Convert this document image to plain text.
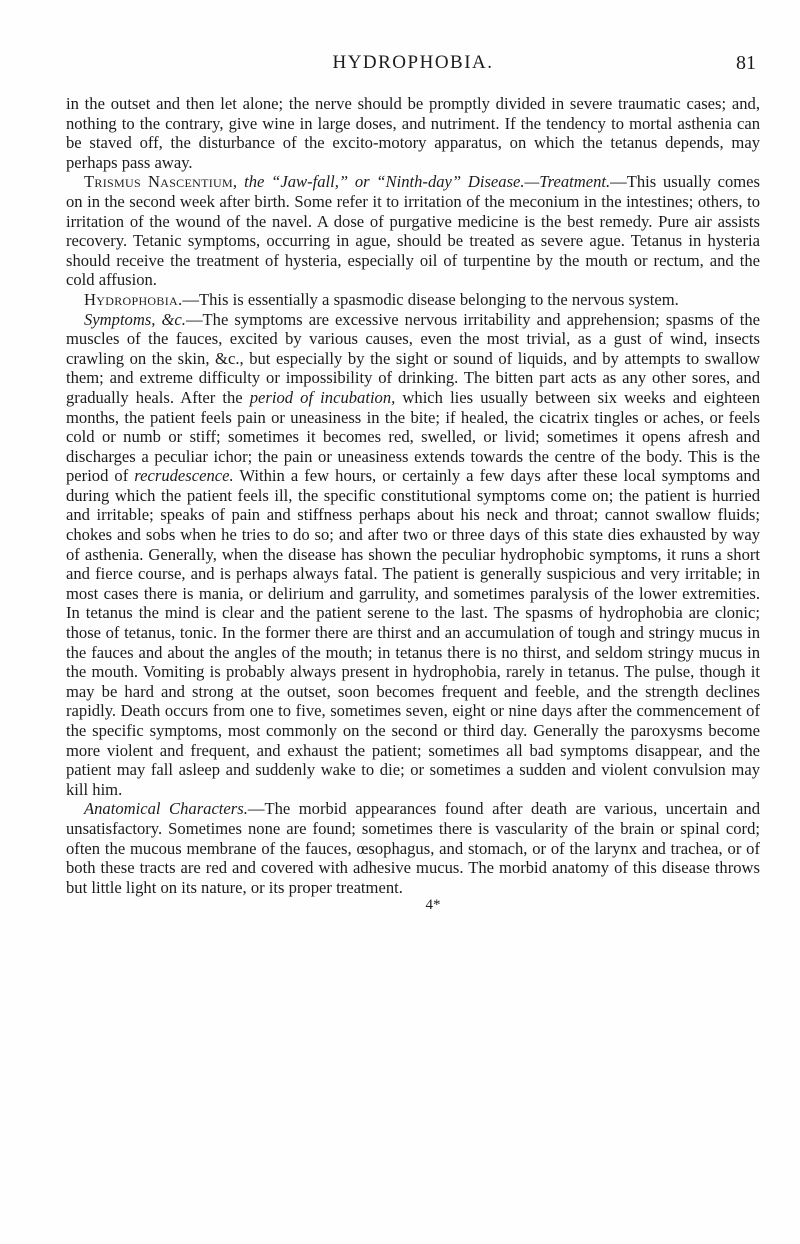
HYDROPHOBIA.	81

in the outset and then let alone; the nerve should be promptly divided in severe traumatic cases; and, nothing to the contrary, give wine in large doses, and nutriment. If the tendency to mortal asthenia can be staved off, the disturbance of the excito-motory apparatus, on which the tetanus depends, may perhaps pass away.

Trismus Nascentium, the “Jaw-fall,” or “Ninth-day” Disease.—Treatment.—This usually comes on in the second week after birth. Some refer it to irritation of the meconium in the intestines; others, to irritation of the wound of the navel. A dose of purgative medicine is the best remedy. Pure air assists recovery. Tetanic symptoms, occurring in ague, should be treated as severe ague. Tetanus in hysteria should receive the treatment of hysteria, especially oil of turpentine by the mouth or rectum, and the cold affusion.

Hydrophobia.—This is essentially a spasmodic disease belonging to the nervous system.

Symptoms, &c.—The symptoms are excessive nervous irritability and apprehension; spasms of the muscles of the fauces, excited by various causes, even the most trivial, as a gust of wind, insects crawling on the skin, &c., but especially by the sight or sound of liquids, and by attempts to swallow them; and extreme difficulty or impossibility of drinking. The bitten part acts as any other sores, and gradually heals. After the period of incubation, which lies usually between six weeks and eighteen months, the patient feels pain or uneasiness in the bite; if healed, the cicatrix tingles or aches, or feels cold or numb or stiff; sometimes it becomes red, swelled, or livid; sometimes it opens afresh and discharges a peculiar ichor; the pain or uneasiness extends towards the centre of the body. This is the period of recrudescence. Within a few hours, or certainly a few days after these local symptoms and during which the patient feels ill, the specific constitutional symptoms come on; the patient is hurried and irritable; speaks of pain and stiffness perhaps about his neck and throat; cannot swallow fluids; chokes and sobs when he tries to do so; and after two or three days of this state dies exhausted by way of asthenia. Generally, when the disease has shown the peculiar hydrophobic symptoms, it runs a short and fierce course, and is perhaps always fatal. The patient is generally suspicious and very irritable; in most cases there is mania, or delirium and garrulity, and sometimes paralysis of the lower extremities. In tetanus the mind is clear and the patient serene to the last. The spasms of hydrophobia are clonic; those of tetanus, tonic. In the former there are thirst and an accumulation of tough and stringy mucus in the fauces and about the angles of the mouth; in tetanus there is no thirst, and seldom stringy mucus in the mouth. Vomiting is probably always present in hydrophobia, rarely in tetanus. The pulse, though it may be hard and strong at the outset, soon becomes frequent and feeble, and the strength declines rapidly. Death occurs from one to five, sometimes seven, eight or nine days after the commencement of the specific symptoms, most commonly on the second or third day. Generally the paroxysms become more violent and frequent, and exhaust the patient; sometimes all bad symptoms disappear, and the patient may fall asleep and suddenly wake to die; or sometimes a sudden and violent convulsion may kill him.

Anatomical Characters.—The morbid appearances found after death are various, uncertain and unsatisfactory. Sometimes none are found; sometimes there is vascularity of the brain or spinal cord; often the mucous membrane of the fauces, œsophagus, and stomach, or of the larynx and trachea, or of both these tracts are red and covered with adhesive mucus. The morbid anatomy of this disease throws but little light on its nature, or its proper treatment.

4*
